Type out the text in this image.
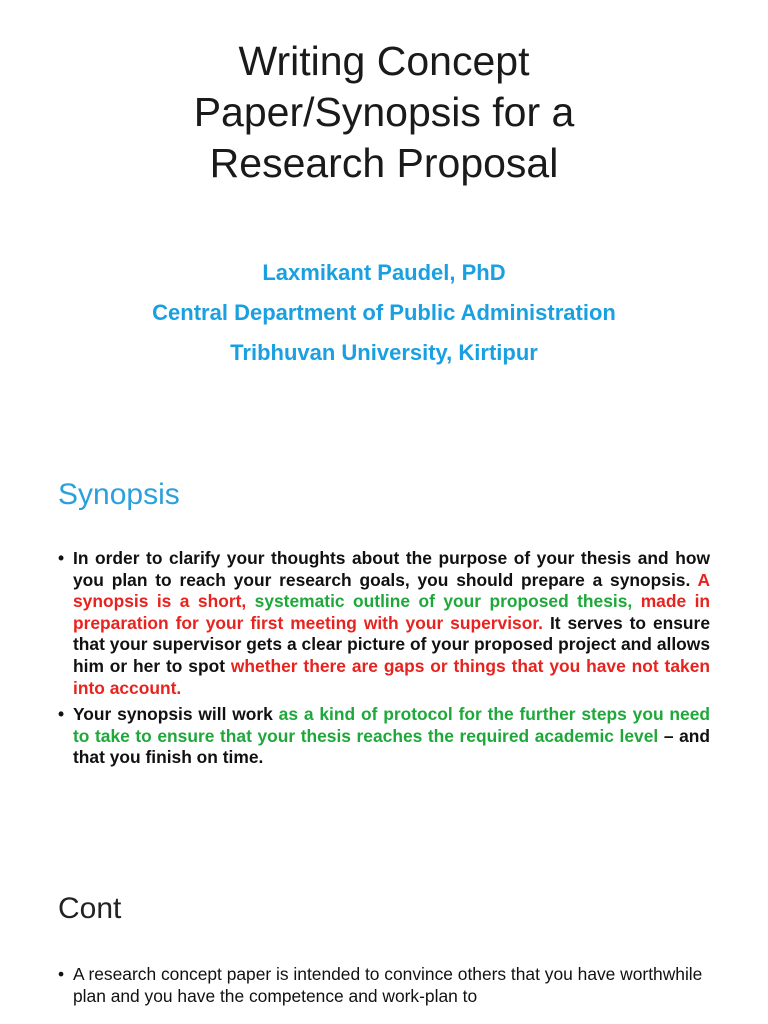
Writing Concept
Paper/Synopsis for a
Research Proposal
Laxmikant Paudel, PhD
Central Department of Public Administration
Tribhuvan University, Kirtipur
Synopsis
• In order to clarify your thoughts about the purpose of your thesis and how you plan to reach your research goals, you should prepare a synopsis. A synopsis is a short, systematic outline of your proposed thesis, made in preparation for your first meeting with your supervisor. It serves to ensure that your supervisor gets a clear picture of your proposed project and allows him or her to spot whether there are gaps or things that you have not taken into account.
• Your synopsis will work as a kind of protocol for the further steps you need to take to ensure that your thesis reaches the required academic level – and that you finish on time.
Cont
• A research concept paper is intended to convince others that you have worthwhile plan and you have the competence and work-plan to
